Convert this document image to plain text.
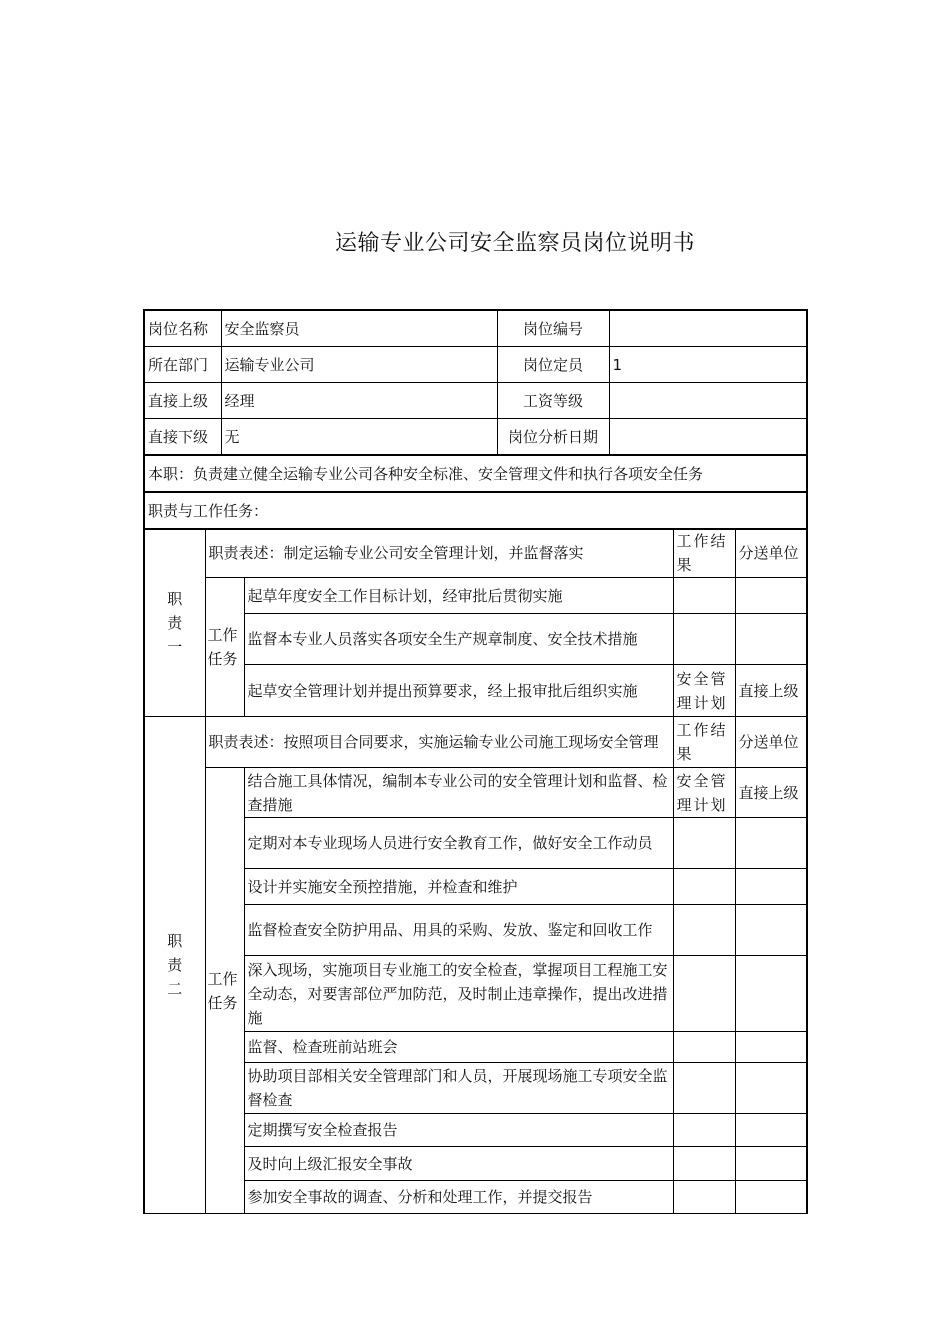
运输专业公司安全监察员岗位说明书
岗位名称	安全监察员	岗位编号	
所在部门	运输专业公司	岗位定员	1
直接上级	经理	工资等级	
直接下级	无	岗位分析日期	
本职：负责建立健全运输专业公司各种安全标准、安全管理文件和执行各项安全任务			
职责与工作任务：			
职责一	职责表述：制定运输专业公司安全管理计划，并监督落实		工作结果	分送单位
	工作任务	起草年度安全工作目标计划，经审批后贯彻实施		
		监督本专业人员落实各项安全生产规章制度、安全技术措施		
		起草安全管理计划并提出预算要求，经上报审批后组织实施	安全管理计划	直接上级
职责二	职责表述：按照项目合同要求，实施运输专业公司施工现场安全管理		工作结果	分送单位
	工作任务	结合施工具体情况，编制本专业公司的安全管理计划和监督、检查措施	安全管理计划	直接上级
		定期对本专业现场人员进行安全教育工作，做好安全工作动员		
		设计并实施安全预控措施，并检查和维护		
		监督检查安全防护用品、用具的采购、发放、鉴定和回收工作		
		深入现场，实施项目专业施工的安全检查，掌握项目工程施工安全动态，对要害部位严加防范，及时制止违章操作，提出改进措施		
		监督、检查班前站班会		
		协助项目部相关安全管理部门和人员，开展现场施工专项安全监督检查		
		定期撰写安全检查报告		
		及时向上级汇报安全事故		
		参加安全事故的调查、分析和处理工作，并提交报告		
